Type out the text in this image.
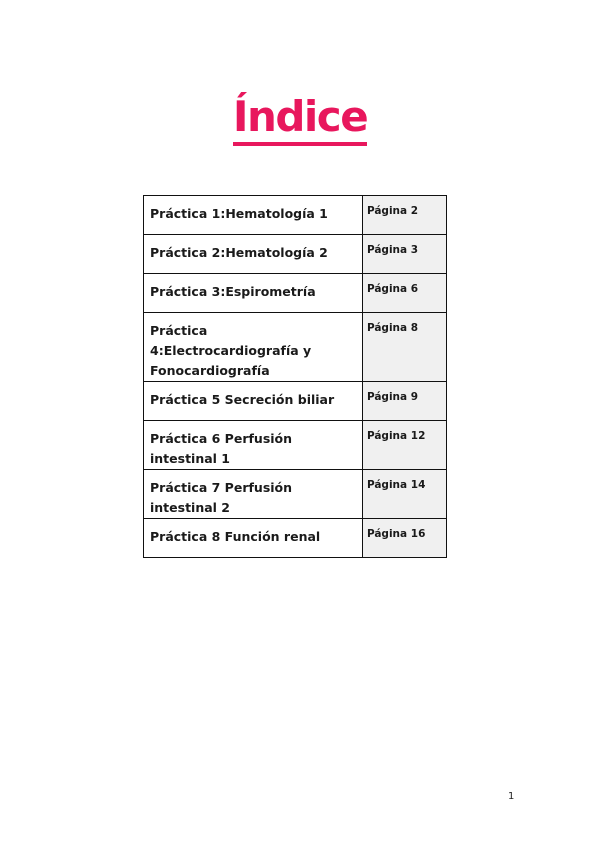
Índice
Práctica 1:Hematología 1	Página 2
Práctica 2:Hematología 2	Página 3
Práctica 3:Espirometría	Página 6
Práctica 4:Electrocardiografía y Fonocardiografía	Página 8
Práctica 5 Secreción biliar	Página 9
Práctica 6 Perfusión intestinal 1	Página 12
Práctica 7 Perfusión intestinal 2	Página 14
Práctica 8 Función renal	Página 16
1
